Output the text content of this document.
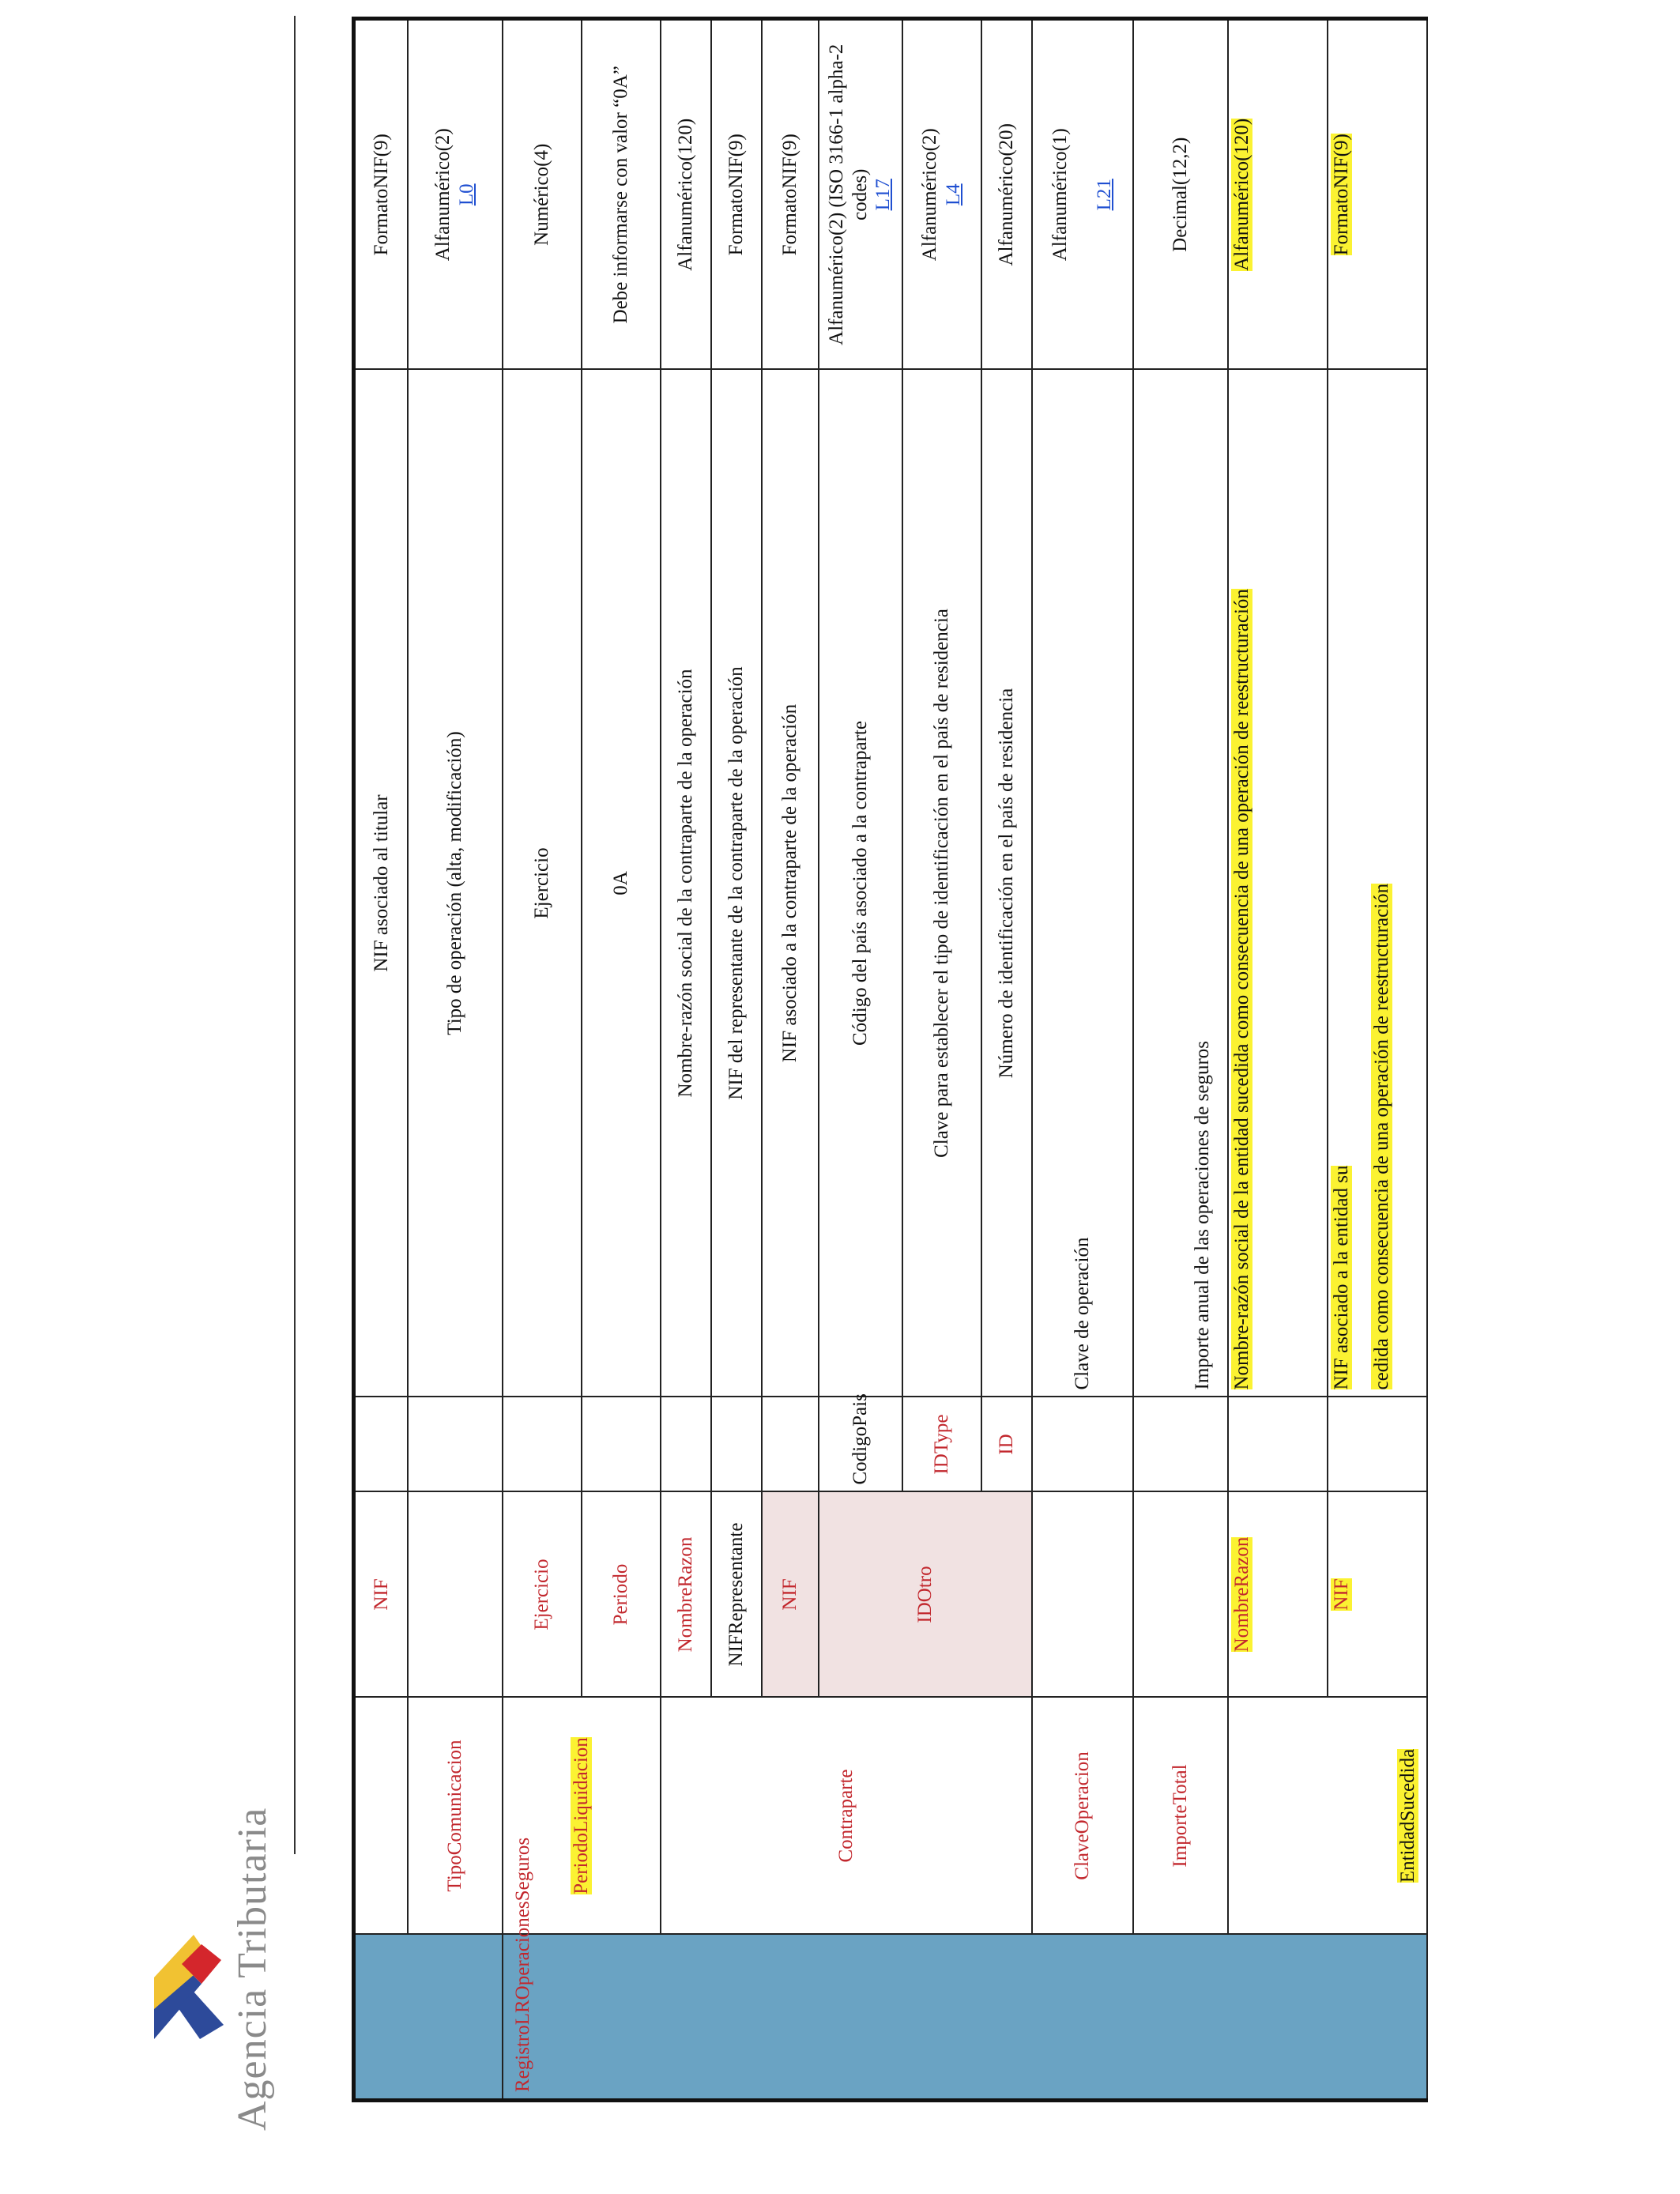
Agencia Tributaria
		NIF		NIF asociado al titular	FormatoNIF(9)
	TipoComunicacion			Tipo de operación (alta, modificación)	Alfanumérico(2) L0

RegistroLROperacionesSeguros	PeriodoLiquidacion	Ejercicio		Ejercicio	Numérico(4)
		Periodo		0A	Debe informarse con valor “0A”
	Contraparte	NombreRazon		Nombre-razón social de la contraparte de la operación	Alfanumérico(120)
		NIFRepresentante		NIF del representante de la contraparte de la operación	FormatoNIF(9)
		NIF		NIF asociado a la contraparte de la operación	FormatoNIF(9)
		IDOtro	CodigoPais	Código del país asociado a la contraparte	Alfanumérico(2) (ISO 3166-1 alpha-2 codes) L17

			IDType	Clave para establecer el tipo de identificación en el país de residencia	Alfanumérico(2) L4

			ID	Número de identificación en el país de residencia	Alfanumérico(20)
	ClaveOperacion			Clave de operación	Alfanumérico(1) L21

	ImporteTotal			Importe anual de las operaciones de seguros	Decimal(12,2)
	EntidadSucedida	NombreRazon		Nombre-razón social de la entidad sucedida como consecuencia de una operación de reestructuración	Alfanumérico(120)
		NIF		NIF asociado a la entidad su cedida como consecuencia de una operación de reestructuración	FormatoNIF(9)
